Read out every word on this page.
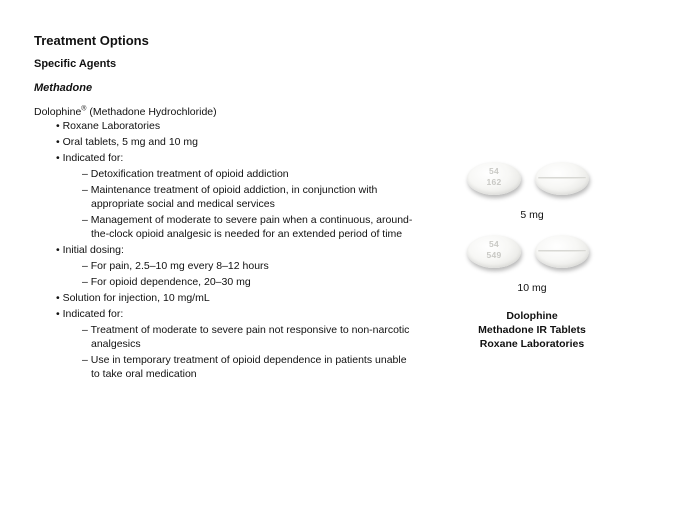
Treatment Options
Specific Agents
Methadone

Dolophine® (Methadone Hydrochloride)

• Roxane Laboratories

• Oral tablets, 5 mg and 10 mg

• Indicated for:

– Detoxification treatment of opioid addiction

– Maintenance treatment of opioid addiction, in conjunction with appropriate social and medical services

– Management of moderate to severe pain when a continuous, around-the-clock opioid analgesic is needed for an extended period of time

• Initial dosing:

– For pain, 2.5–10 mg every 8–12 hours

– For opioid dependence, 20–30 mg

• Solution for injection, 10 mg/mL

• Indicated for:

– Treatment of moderate to severe pain not responsive to non-narcotic analgesics

– Use in temporary treatment of opioid dependence in patients unable to take oral medication

54
162
5 mg
54
549
10 mg
Dolophine
Methadone IR Tablets
Roxane Laboratories
